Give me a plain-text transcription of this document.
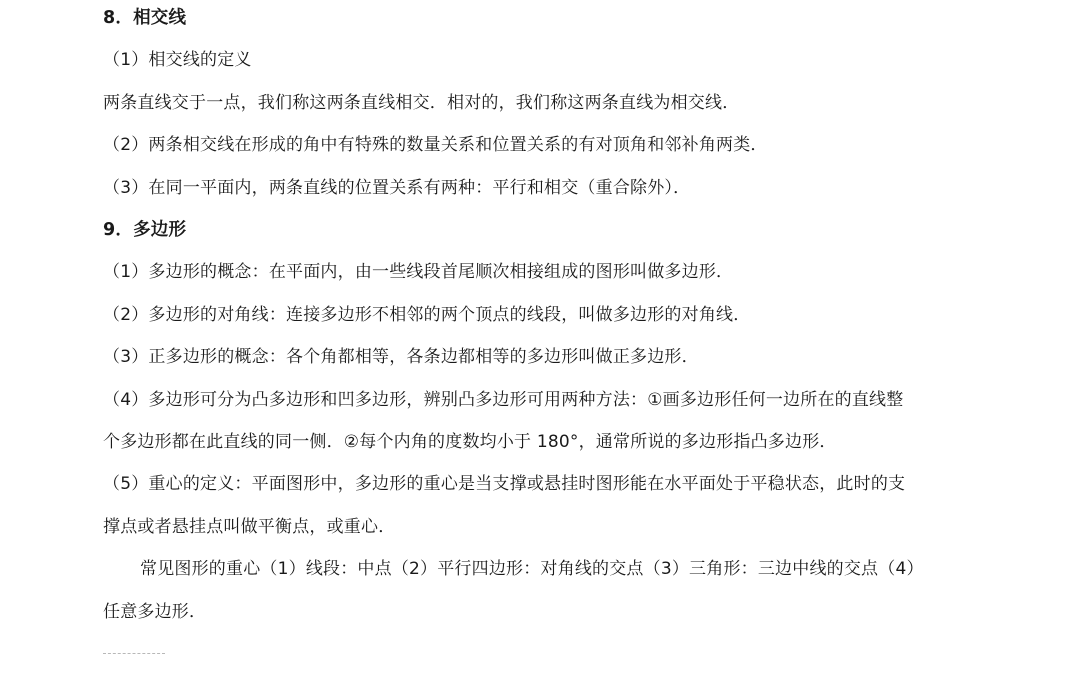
8．相交线
（1）相交线的定义
两条直线交于一点，我们称这两条直线相交．相对的，我们称这两条直线为相交线．
（2）两条相交线在形成的角中有特殊的数量关系和位置关系的有对顶角和邻补角两类．
（3）在同一平面内，两条直线的位置关系有两种：平行和相交（重合除外）．
9．多边形
（1）多边形的概念：在平面内，由一些线段首尾顺次相接组成的图形叫做多边形．
（2）多边形的对角线：连接多边形不相邻的两个顶点的线段，叫做多边形的对角线．
（3）正多边形的概念：各个角都相等，各条边都相等的多边形叫做正多边形．
（4）多边形可分为凸多边形和凹多边形，辨别凸多边形可用两种方法：①画多边形任何一边所在的直线整
个多边形都在此直线的同一侧．②每个内角的度数均小于 180°，通常所说的多边形指凸多边形．
（5）重心的定义：平面图形中，多边形的重心是当支撑或悬挂时图形能在水平面处于平稳状态，此时的支
撑点或者悬挂点叫做平衡点，或重心．
常见图形的重心（1）线段：中点（2）平行四边形：对角线的交点（3）三角形：三边中线的交点（4）
任意多边形．
